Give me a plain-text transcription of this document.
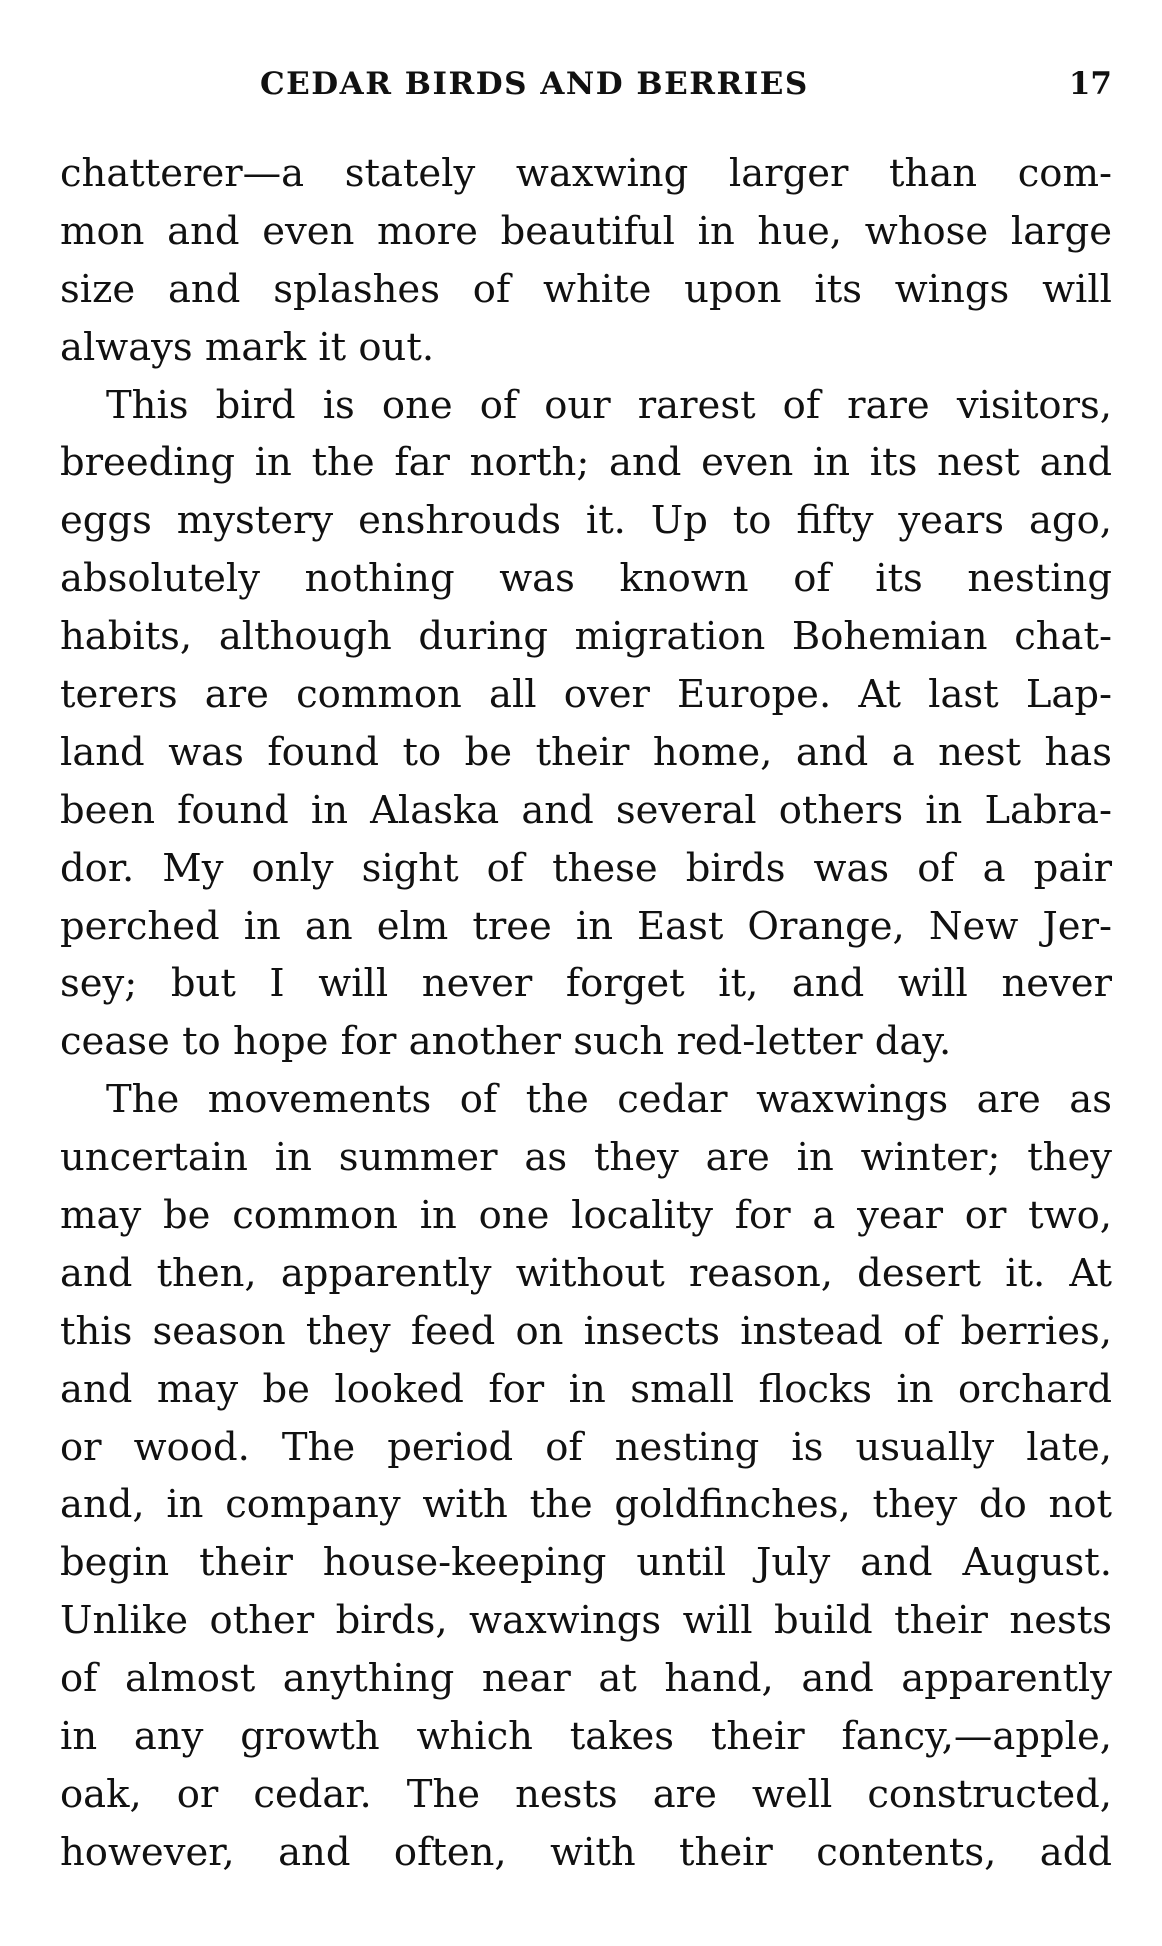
CEDAR BIRDS AND BERRIES	17
chatterer—a stately waxwing larger than com-
mon and even more beautiful in hue, whose large
size and splashes of white upon its wings will
always mark it out.
This bird is one of our rarest of rare visitors,
breeding in the far north; and even in its nest and
eggs mystery enshrouds it. Up to fifty years ago,
absolutely nothing was known of its nesting
habits, although during migration Bohemian chat-
terers are common all over Europe. At last Lap-
land was found to be their home, and a nest has
been found in Alaska and several others in Labra-
dor. My only sight of these birds was of a pair
perched in an elm tree in East Orange, New Jer-
sey; but I will never forget it, and will never
cease to hope for another such red-letter day.
The movements of the cedar waxwings are as
uncertain in summer as they are in winter; they
may be common in one locality for a year or two,
and then, apparently without reason, desert it. At
this season they feed on insects instead of berries,
and may be looked for in small flocks in orchard
or wood. The period of nesting is usually late,
and, in company with the goldfinches, they do not
begin their house-keeping until July and August.
Unlike other birds, waxwings will build their nests
of almost anything near at hand, and apparently
in any growth which takes their fancy,—apple,
oak, or cedar. The nests are well constructed,
however, and often, with their contents, add
